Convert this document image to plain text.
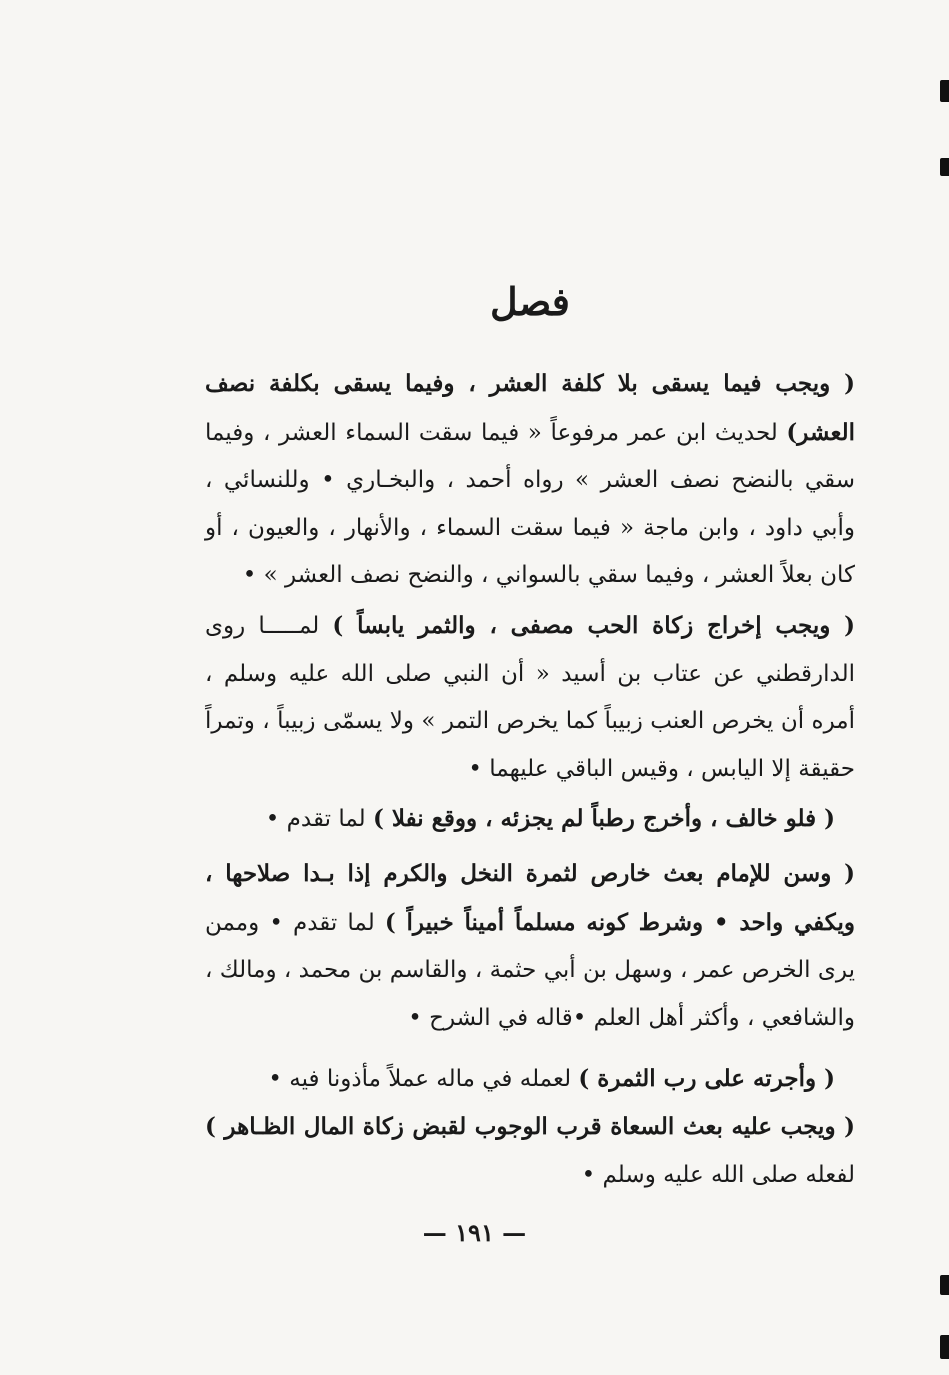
فصل
( ويجب فيما يسقى بلا كلفة العشر ، وفيما يسقى بكلفة نصف العشر) لحديث ابن عمر مرفوعاً « فيما سقت السماء العشر ، وفيما سقي بالنضح نصف العشر » رواه أحمد ، والبخـاري • وللنسائي ، وأبي داود ، وابن ماجة « فيما سقت السماء ، والأنهار ، والعيون ، أو كان بعلاً العشر ، وفيما سقي بالسواني ، والنضح نصف العشر » •
( ويجب إخراج زكاة الحب مصفى ، والثمر يابساً ) لمـــــا روى الدارقطني عن عتاب بن أسيد « أن النبي صلى الله عليه وسلم ، أمره أن يخرص العنب زبيباً كما يخرص التمر » ولا يسمّى زبيباً ، وتمراً حقيقة إلا اليابس ، وقيس الباقي عليهما •
( فلو خالف ، وأخرج رطباً لم يجزئه ، ووقع نفلا ) لما تقدم •
( وسن للإمام بعث خارص لثمرة النخل والكرم إذا بـدا صلاحها ، ويكفي واحد • وشرط كونه مسلماً أميناً خبيراً ) لما تقدم • وممن يرى الخرص عمر ، وسهل بن أبي حثمة ، والقاسم بن محمد ، ومالك ، والشافعي ، وأكثر أهل العلم •قاله في الشرح •
( وأجرته على رب الثمرة ) لعمله في ماله عملاً مأذونا فيه •
( ويجب عليه بعث السعاة قرب الوجوب لقبض زكاة المال الظـاهر ) لفعله صلى الله عليه وسلم •
— ١٩١ —
